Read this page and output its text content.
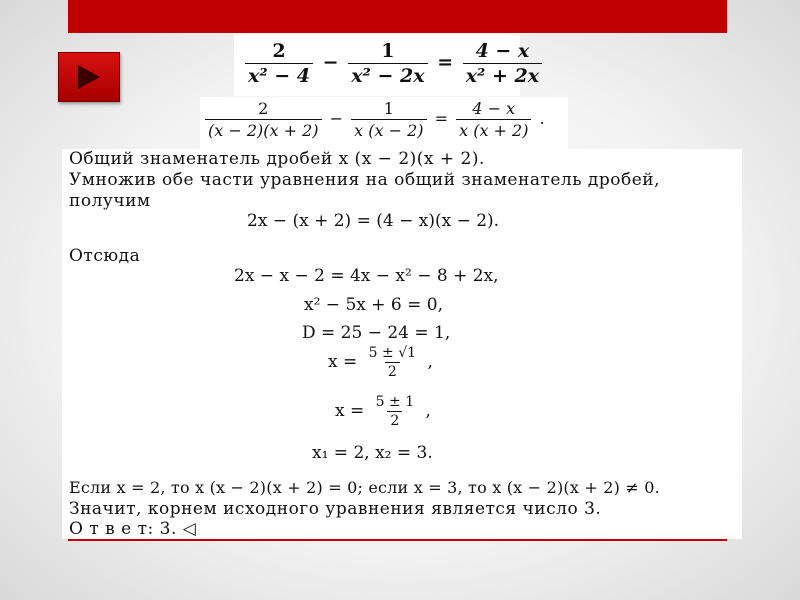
$\frac{2}{\text{x² − 4}} - \frac{1}{\text{x² − 2x}} = \frac{4 - x}{\text{x² + 2x}}$
$\frac{2}{(x - 2)(x + 2)} - \frac{1}{x (x - 2)} = \frac{4 - x}{x (x + 2)}$ .
Общий знаменатель дробей x (x − 2)(x + 2).
Умножив обе части уравнения на общий знаменатель дробей,
получим
2x − (x + 2) = (4 − x)(x − 2).
Отсюда
2x − x − 2 = 4x − x² − 8 + 2x,
x² − 5x + 6 = 0,
D = 25 − 24 = 1,
$x = \frac{5 \pm √1}{2}$ ,
$x = \frac{5 \pm 1}{2}$ ,
x₁ = 2, x₂ = 3.
Если x = 2, то x (x − 2)(x + 2) = 0; если x = 3, то x (x − 2)(x + 2) ≠ 0.
Значит, корнем исходного уравнения является число 3.
О т в е т: 3. ◁
